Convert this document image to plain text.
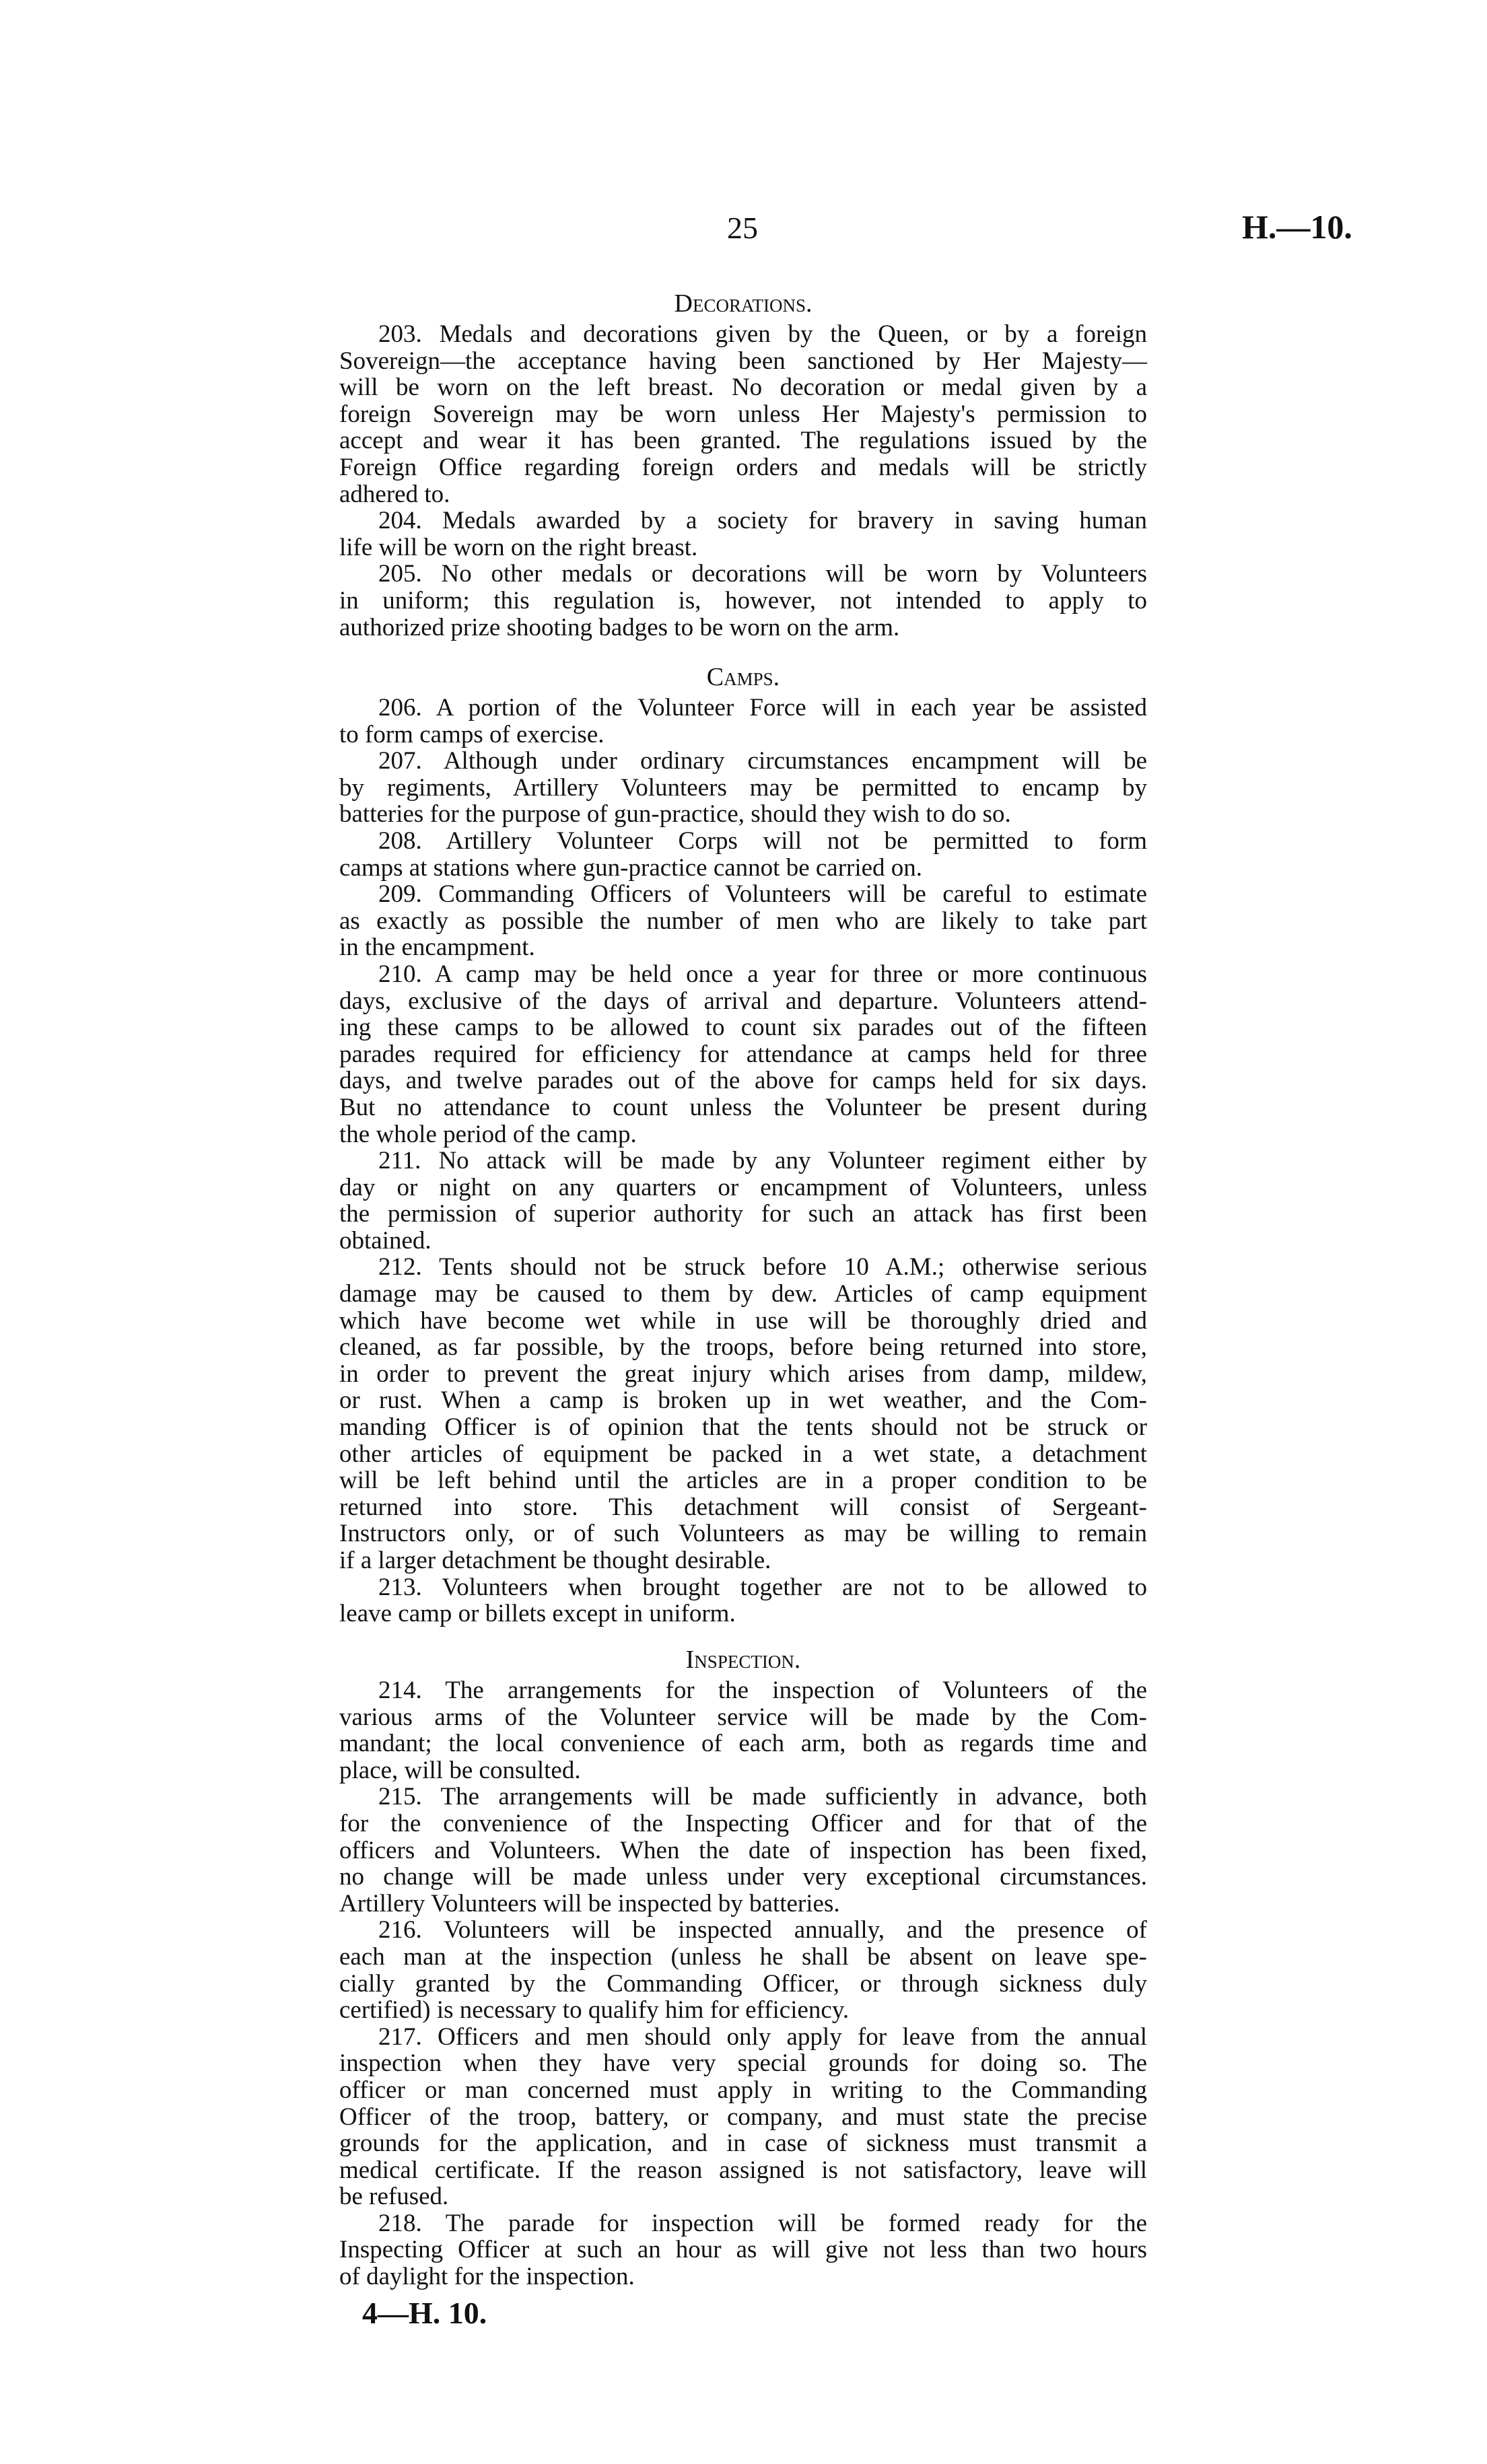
25	H.—10.
Decorations.
203. Medals and decorations given by the Queen, or by a foreign
Sovereign—the acceptance having been sanctioned by Her Majesty—
will be worn on the left breast. No decoration or medal given by a
foreign Sovereign may be worn unless Her Majesty's permission to
accept and wear it has been granted. The regulations issued by the
Foreign Office regarding foreign orders and medals will be strictly
adhered to.
204. Medals awarded by a society for bravery in saving human
life will be worn on the right breast.
205. No other medals or decorations will be worn by Volunteers
in uniform; this regulation is, however, not intended to apply to
authorized prize shooting badges to be worn on the arm.
Camps.
206. A portion of the Volunteer Force will in each year be assisted
to form camps of exercise.
207. Although under ordinary circumstances encampment will be
by regiments, Artillery Volunteers may be permitted to encamp by
batteries for the purpose of gun-practice, should they wish to do so.
208. Artillery Volunteer Corps will not be permitted to form
camps at stations where gun-practice cannot be carried on.
209. Commanding Officers of Volunteers will be careful to estimate
as exactly as possible the number of men who are likely to take part
in the encampment.
210. A camp may be held once a year for three or more continuous
days, exclusive of the days of arrival and departure. Volunteers attend-
ing these camps to be allowed to count six parades out of the fifteen
parades required for efficiency for attendance at camps held for three
days, and twelve parades out of the above for camps held for six days.
But no attendance to count unless the Volunteer be present during
the whole period of the camp.
211. No attack will be made by any Volunteer regiment either by
day or night on any quarters or encampment of Volunteers, unless
the permission of superior authority for such an attack has first been
obtained.
212. Tents should not be struck before 10 A.M.; otherwise serious
damage may be caused to them by dew. Articles of camp equipment
which have become wet while in use will be thoroughly dried and
cleaned, as far possible, by the troops, before being returned into store,
in order to prevent the great injury which arises from damp, mildew,
or rust. When a camp is broken up in wet weather, and the Com-
manding Officer is of opinion that the tents should not be struck or
other articles of equipment be packed in a wet state, a detachment
will be left behind until the articles are in a proper condition to be
returned into store. This detachment will consist of Sergeant-
Instructors only, or of such Volunteers as may be willing to remain
if a larger detachment be thought desirable.
213. Volunteers when brought together are not to be allowed to
leave camp or billets except in uniform.
Inspection.
214. The arrangements for the inspection of Volunteers of the
various arms of the Volunteer service will be made by the Com-
mandant; the local convenience of each arm, both as regards time and
place, will be consulted.
215. The arrangements will be made sufficiently in advance, both
for the convenience of the Inspecting Officer and for that of the
officers and Volunteers. When the date of inspection has been fixed,
no change will be made unless under very exceptional circumstances.
Artillery Volunteers will be inspected by batteries.
216. Volunteers will be inspected annually, and the presence of
each man at the inspection (unless he shall be absent on leave spe-
cially granted by the Commanding Officer, or through sickness duly
certified) is necessary to qualify him for efficiency.
217. Officers and men should only apply for leave from the annual
inspection when they have very special grounds for doing so. The
officer or man concerned must apply in writing to the Commanding
Officer of the troop, battery, or company, and must state the precise
grounds for the application, and in case of sickness must transmit a
medical certificate. If the reason assigned is not satisfactory, leave will
be refused.
218. The parade for inspection will be formed ready for the
Inspecting Officer at such an hour as will give not less than two hours
of daylight for the inspection.
4—H. 10.
